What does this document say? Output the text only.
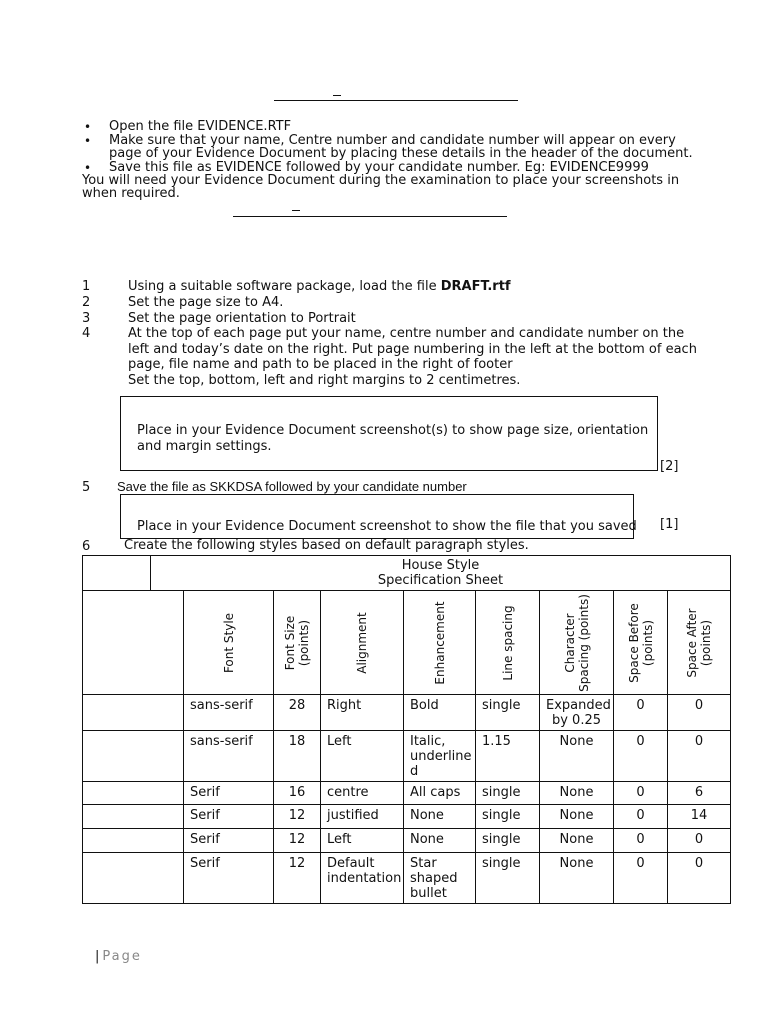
• Open the file EVIDENCE.RTF
• Make sure that your name, Centre number and candidate number will appear on every
page of your Evidence Document by placing these details in the header of the document.
• Save this file as EVIDENCE followed by your candidate number. Eg: EVIDENCE9999
You will need your Evidence Document during the examination to place your screenshots in
when required.
1	Using a suitable software package, load the file DRAFT.rtf
2	Set the page size to A4.
3	Set the page orientation to Portrait
4	At the top of each page put your name, centre number and candidate number on the
left and today’s date on the right. Put page numbering in the left at the bottom of each
page, file name and path to be placed in the right of footer
Set the top, bottom, left and right margins to 2 centimetres.
Place in your Evidence Document screenshot(s) to show page size, orientation
and margin settings.
[2]
5 Save the file as SKKDSA followed by your candidate number
Place in your Evidence Document screenshot to show the file that you saved [1]
6	Create the following styles based on default paragraph styles.

	House Style
Specification Sheet								

		Font Style	Font Size
(points)	Alignment	Enhancement	Line spacing	Character
Spacing (points)	Space Before
(points)	Space After
(points)

		sans-serif	28	Right	Bold	single	Expanded
by 0.25	0	0

		sans-serif	18	Left	Italic,
underline
d	1.15	None	0	0

		Serif	16	centre	All caps	single	None	0	6

		Serif	12	justified	None	single	None	0	14

		Serif	12	Left	None	single	None	0	0

		Serif	12	Default
indentation	Star
shaped
bullet	single	None	0	0
| Page
